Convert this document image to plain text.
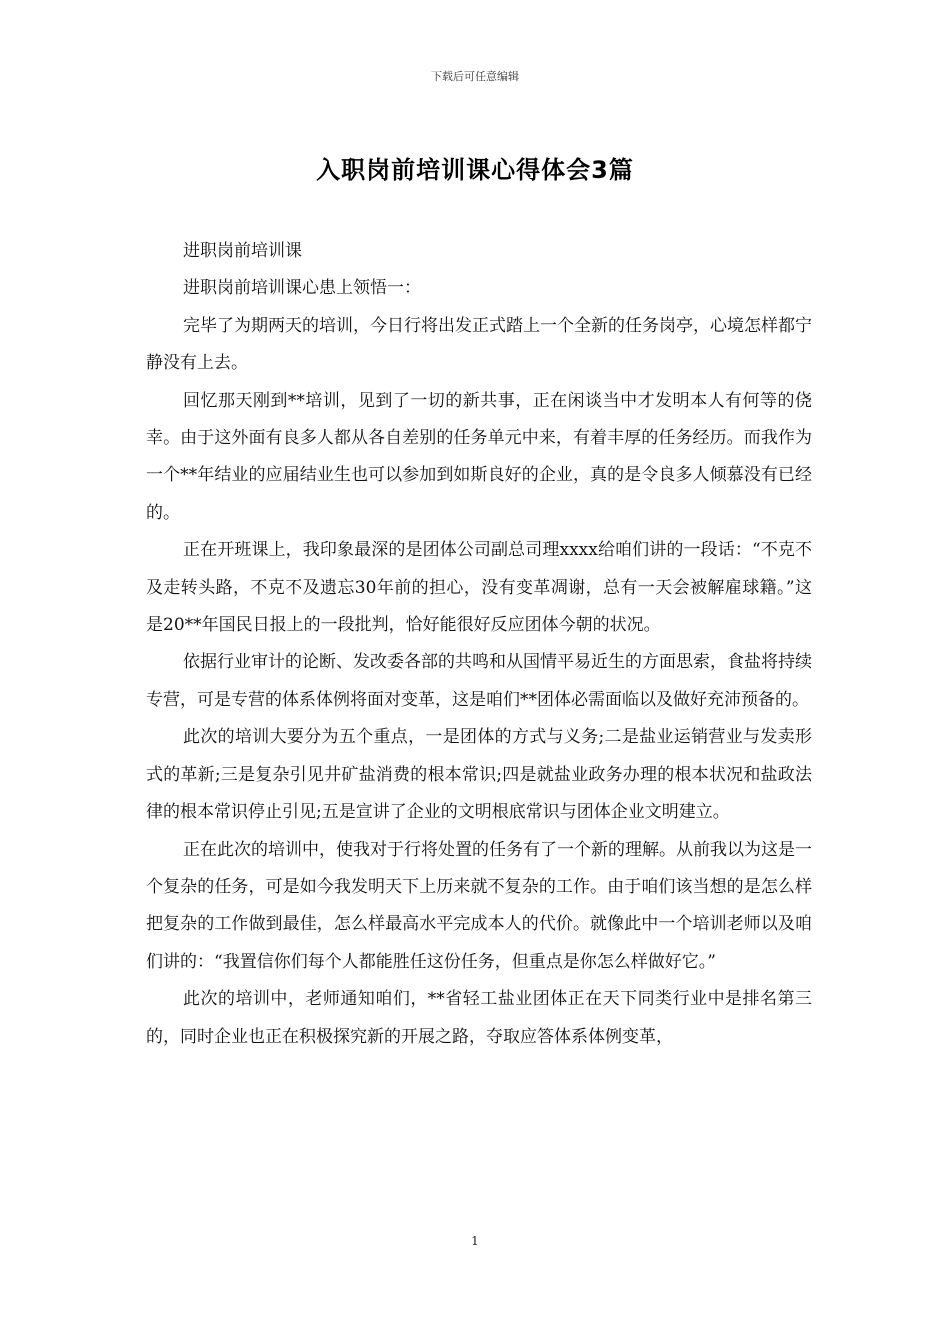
下载后可任意编辑
入职岗前培训课心得体会3篇

进职岗前培训课

进职岗前培训课心患上领悟一：

完毕了为期两天的培训，今日行将出发正式踏上一个全新的任务岗亭，心境怎样都宁静没有上去。

回忆那天刚到**培训，见到了一切的新共事，正在闲谈当中才发明本人有何等的侥幸。由于这外面有良多人都从各自差别的任务单元中来，有着丰厚的任务经历。而我作为一个**年结业的应届结业生也可以参加到如斯良好的企业，真的是令良多人倾慕没有已经的。

正在开班课上，我印象最深的是团体公司副总司理xxxx给咱们讲的一段话：“不克不及走转头路，不克不及遗忘30年前的担心，没有变革凋谢，总有一天会被解雇球籍。”这是20**年国民日报上的一段批判，恰好能很好反应团体今朝的状况。

依据行业审计的论断、发改委各部的共鸣和从国情平易近生的方面思索，食盐将持续专营，可是专营的体系体例将面对变革，这是咱们**团体必需面临以及做好充沛预备的。

此次的培训大要分为五个重点，一是团体的方式与义务;二是盐业运销营业与发卖形式的革新;三是复杂引见井矿盐消费的根本常识;四是就盐业政务办理的根本状况和盐政法律的根本常识停止引见;五是宣讲了企业的文明根底常识与团体企业文明建立。

正在此次的培训中，使我对于行将处置的任务有了一个新的理解。从前我以为这是一个复杂的任务，可是如今我发明天下上历来就不复杂的工作。由于咱们该当想的是怎么样把复杂的工作做到最佳，怎么样最高水平完成本人的代价。就像此中一个培训老师以及咱们讲的：“我置信你们每个人都能胜任这份任务，但重点是你怎么样做好它。”

此次的培训中，老师通知咱们，**省轻工盐业团体正在天下同类行业中是排名第三的，同时企业也正在积极探究新的开展之路，夺取应答体系体例变革，

1
